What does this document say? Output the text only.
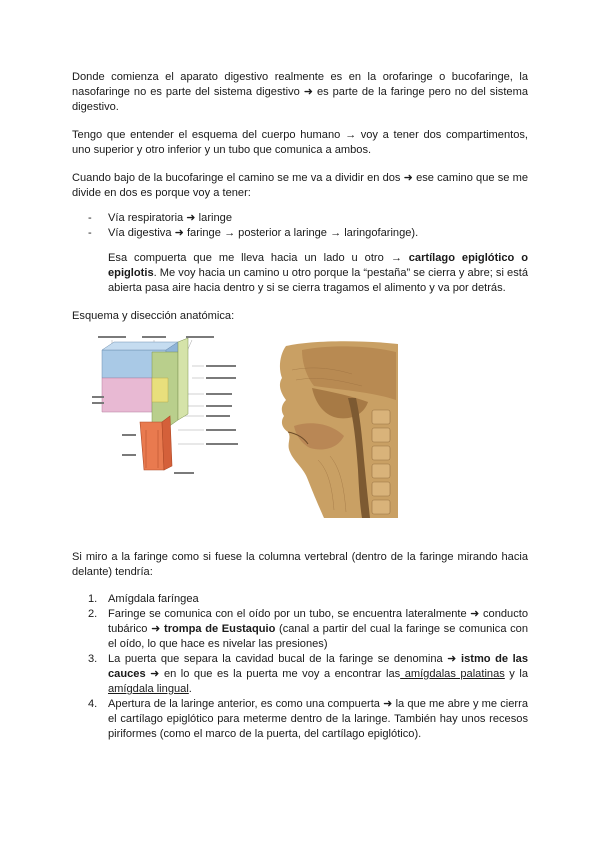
Donde comienza el aparato digestivo realmente es en la orofaringe o bucofaringe, la nasofaringe no es parte del sistema digestivo ➜ es parte de la faringe pero no del sistema digestivo.

Tengo que entender el esquema del cuerpo humano → voy a tener dos compartimentos, uno superior y otro inferior y un tubo que comunica a ambos.

Cuando bajo de la bucofaringe el camino se me va a dividir en dos ➜ ese camino que se me divide en dos es porque voy a tener:

- Vía respiratoria ➜ laringe
- Vía digestiva ➜ faringe → posterior a laringe → laringofaringe).

Esa compuerta que me lleva hacia un lado u otro → cartílago epiglótico o epiglotis. Me voy hacia un camino u otro porque la “pestaña” se cierra y abre; si está abierta pasa aire hacia dentro y si se cierra tragamos el alimento y va por detrás.

Esquema y disección anatómica:

Si miro a la faringe como si fuese la columna vertebral (dentro de la faringe mirando hacia delante) tendría:

1. Amígdala faríngea
2. Faringe se comunica con el oído por un tubo, se encuentra lateralmente ➜ conducto tubárico ➜ trompa de Eustaquio (canal a partir del cual la faringe se comunica con el oído, lo que hace es nivelar las presiones)
3. La puerta que separa la cavidad bucal de la faringe se denomina ➜ istmo de las cauces ➜ en lo que es la puerta me voy a encontrar las amígdalas palatinas y la amígdala lingual.
4. Apertura de la laringe anterior, es como una compuerta ➜ la que me abre y me cierra el cartílago epiglótico para meterme dentro de la laringe. También hay unos recesos piriformes (como el marco de la puerta, del cartílago epiglótico).
